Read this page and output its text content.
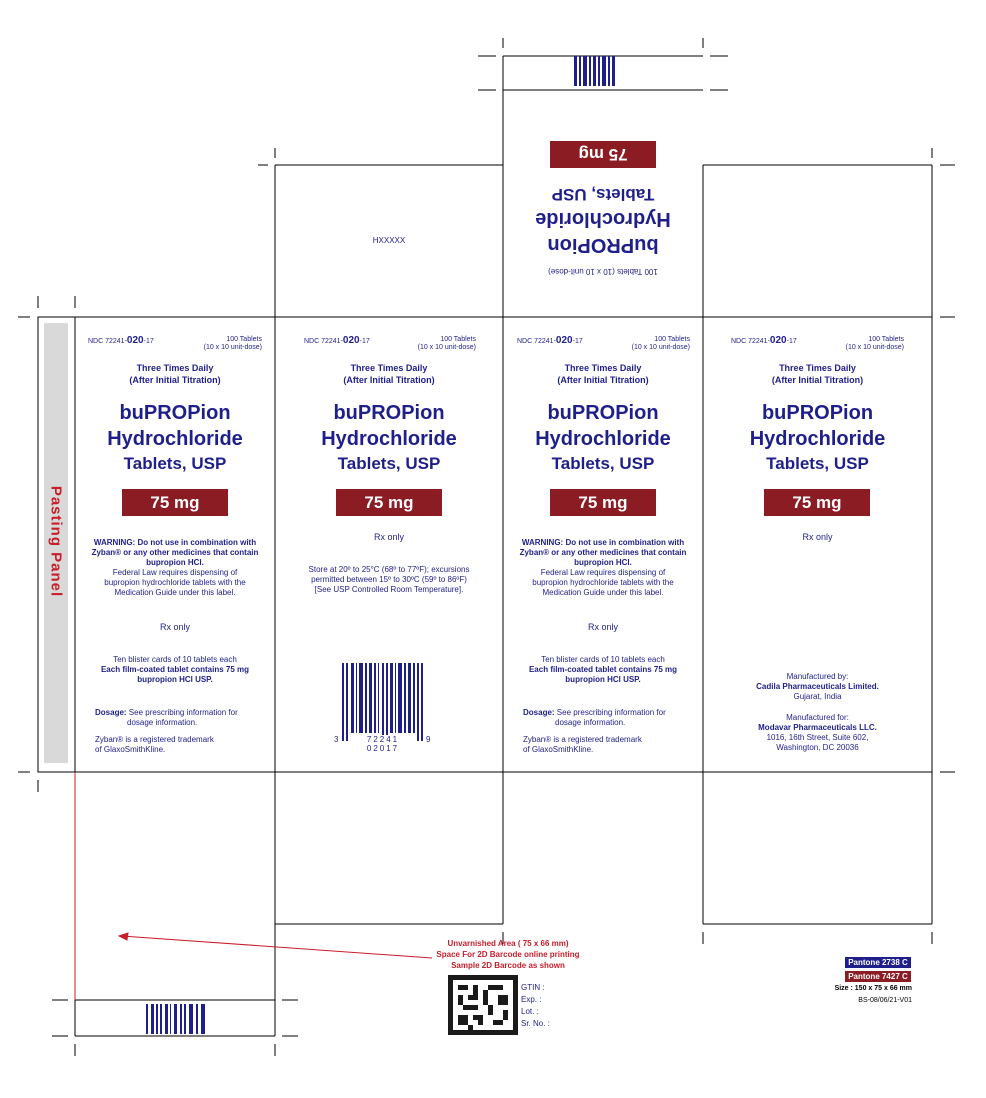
Pasting Panel
100 Tablets (10 x 10 unit-dose)
buPROPion
Hydrochloride
Tablets, USP
75 mg
HXXXXX
NDC 72241-020-17	100 Tablets
(10 x 10 unit-dose)
Three Times Daily
(After Initial Titration)
buPROPion
Hydrochloride
Tablets, USP
75 mg
WARNING: Do not use in combination with
Zyban® or any other medicines that contain
bupropion HCl.
Federal Law requires dispensing of
bupropion hydrochloride tablets with the
Medication Guide under this label.
Rx only
Ten blister cards of 10 tablets each
Each film-coated tablet contains 75 mg
bupropion HCl USP.
Dosage: See prescribing information for
dosage information.
Zyban® is a registered trademark
of GlaxoSmithKline.
NDC 72241-020-17	100 Tablets
(10 x 10 unit-dose)
Three Times Daily
(After Initial Titration)
buPROPion
Hydrochloride
Tablets, USP
75 mg
Rx only
Store at 20º to 25°C (68º to 77ºF); excursions
permitted between 15º to 30ºC (59º to 86ºF)
[See USP Controlled Room Temperature].
3	72241 02017
9
NDC 72241-020-17	100 Tablets
(10 x 10 unit-dose)
Three Times Daily
(After Initial Titration)
buPROPion
Hydrochloride
Tablets, USP
75 mg
WARNING: Do not use in combination with
Zyban® or any other medicines that contain
bupropion HCl.
Federal Law requires dispensing of
bupropion hydrochloride tablets with the
Medication Guide under this label.
Rx only
Ten blister cards of 10 tablets each
Each film-coated tablet contains 75 mg
bupropion HCl USP.
Dosage: See prescribing information for
dosage information.
Zyban® is a registered trademark
of GlaxoSmithKline.
NDC 72241-020-17	100 Tablets
(10 x 10 unit-dose)
Three Times Daily
(After Initial Titration)
buPROPion
Hydrochloride
Tablets, USP
75 mg
Rx only
Manufactured by:
Cadila Pharmaceuticals Limited.
Gujarat, India
Manufactured for:
Modavar Pharmaceuticals LLC.
1016, 16th Street, Suite 602,
Washington, DC 20036
Unvarnished Area ( 75 x 66 mm)
Space For 2D Barcode online printing
Sample 2D Barcode as shown
GTIN :
Exp. :
Lot. :
Sr. No. :
Pantone 2738 C
Pantone 7427 C
Size : 150 x 75 x 66 mm
BS-08/06/21-V01
